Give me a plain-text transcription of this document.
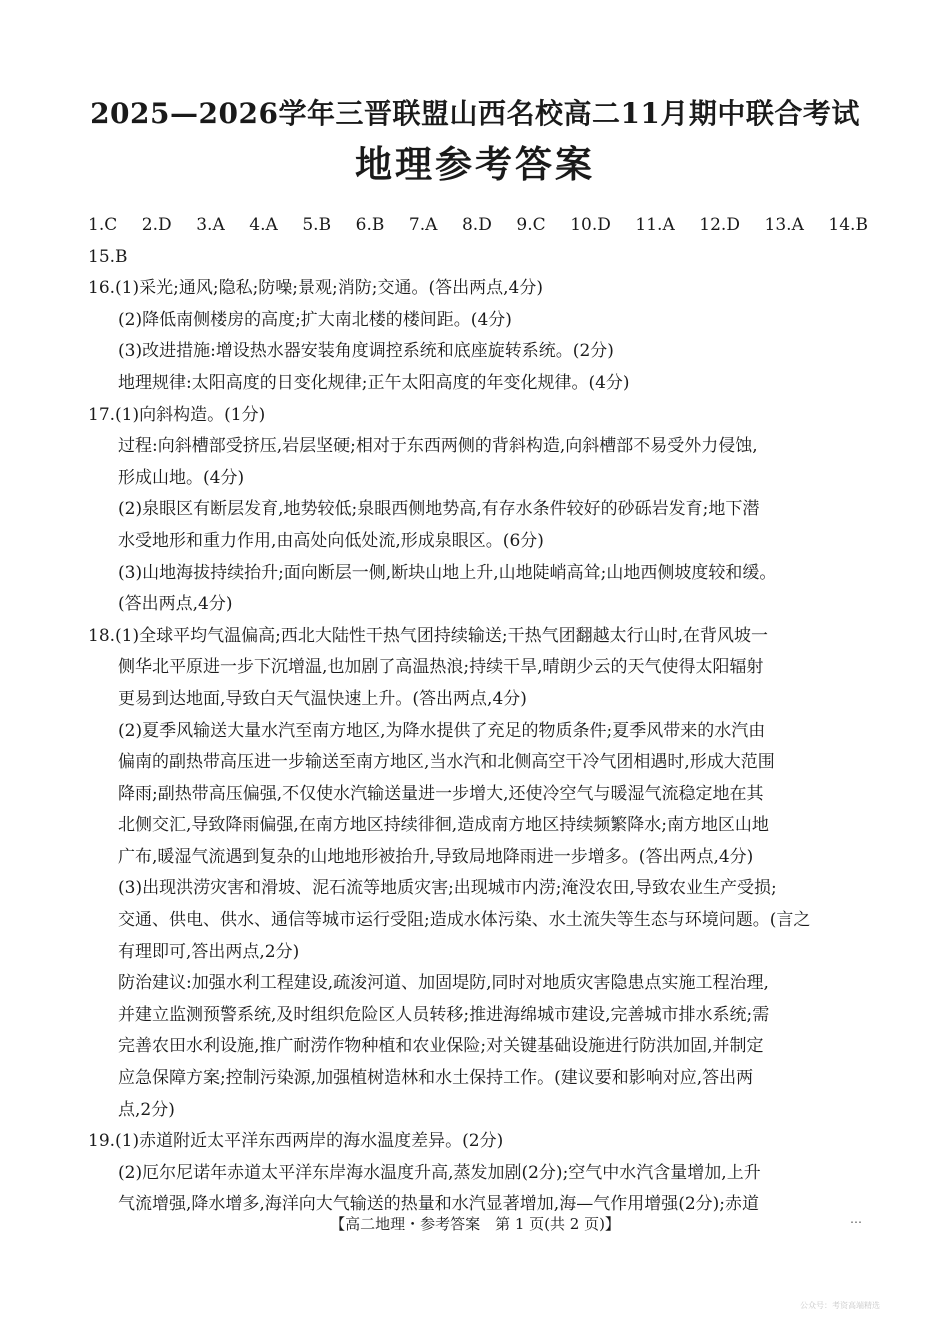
2025—2026学年三晋联盟山西名校高二11月期中联合考试
地理参考答案
1.C 2.D 3.A 4.A 5.B 6.B 7.A 8.D 9.C 10.D 11.A 12.D 13.A 14.B
15.B
16.(1)采光;通风;隐私;防噪;景观;消防;交通。(答出两点,4分)
(2)降低南侧楼房的高度;扩大南北楼的楼间距。(4分)
(3)改进措施:增设热水器安装角度调控系统和底座旋转系统。(2分)
地理规律:太阳高度的日变化规律;正午太阳高度的年变化规律。(4分)
17.(1)向斜构造。(1分)
过程:向斜槽部受挤压,岩层坚硬;相对于东西两侧的背斜构造,向斜槽部不易受外力侵蚀,
形成山地。(4分)
(2)泉眼区有断层发育,地势较低;泉眼西侧地势高,有存水条件较好的砂砾岩发育;地下潜
水受地形和重力作用,由高处向低处流,形成泉眼区。(6分)
(3)山地海拔持续抬升;面向断层一侧,断块山地上升,山地陡峭高耸;山地西侧坡度较和缓。
(答出两点,4分)
18.(1)全球平均气温偏高;西北大陆性干热气团持续输送;干热气团翻越太行山时,在背风坡一
侧华北平原进一步下沉增温,也加剧了高温热浪;持续干旱,晴朗少云的天气使得太阳辐射
更易到达地面,导致白天气温快速上升。(答出两点,4分)
(2)夏季风输送大量水汽至南方地区,为降水提供了充足的物质条件;夏季风带来的水汽由
偏南的副热带高压进一步输送至南方地区,当水汽和北侧高空干冷气团相遇时,形成大范围
降雨;副热带高压偏强,不仅使水汽输送量进一步增大,还使冷空气与暖湿气流稳定地在其
北侧交汇,导致降雨偏强,在南方地区持续徘徊,造成南方地区持续频繁降水;南方地区山地
广布,暖湿气流遇到复杂的山地地形被抬升,导致局地降雨进一步增多。(答出两点,4分)
(3)出现洪涝灾害和滑坡、泥石流等地质灾害;出现城市内涝;淹没农田,导致农业生产受损;
交通、供电、供水、通信等城市运行受阻;造成水体污染、水土流失等生态与环境问题。(言之
有理即可,答出两点,2分)
防治建议:加强水利工程建设,疏浚河道、加固堤防,同时对地质灾害隐患点实施工程治理,
并建立监测预警系统,及时组织危险区人员转移;推进海绵城市建设,完善城市排水系统;需
完善农田水利设施,推广耐涝作物种植和农业保险;对关键基础设施进行防洪加固,并制定
应急保障方案;控制污染源,加强植树造林和水土保持工作。(建议要和影响对应,答出两
点,2分)
19.(1)赤道附近太平洋东西两岸的海水温度差异。(2分)
(2)厄尔尼诺年赤道太平洋东岸海水温度升高,蒸发加剧(2分);空气中水汽含量增加,上升
气流增强,降水增多,海洋向大气输送的热量和水汽显著增加,海—气作用增强(2分);赤道
【高二地理・参考答案　第 1 页(共 2 页)】	…
公众号：考资高端精选
